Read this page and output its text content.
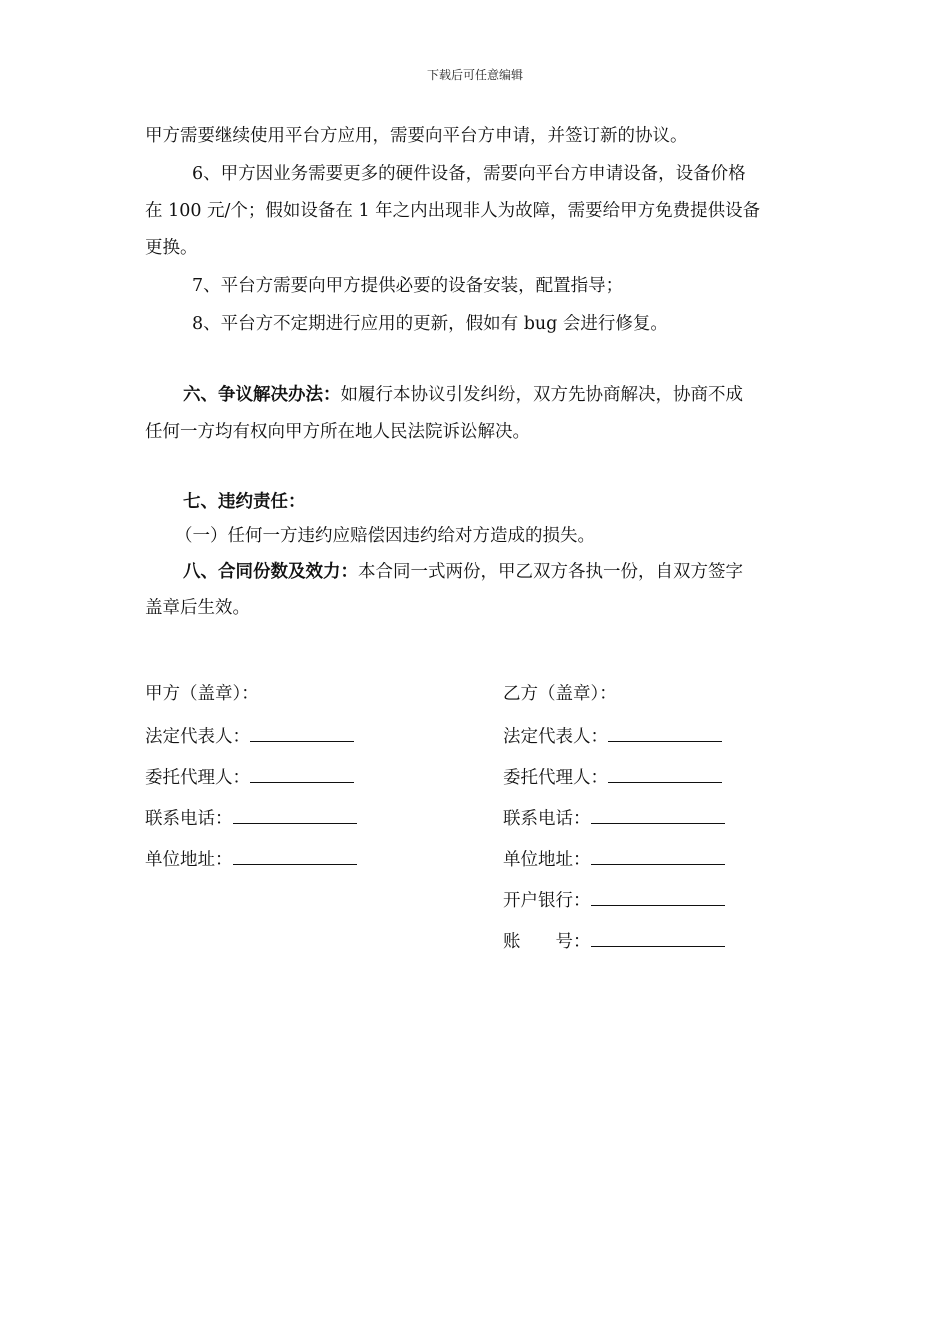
下载后可任意编辑
甲方需要继续使用平台方应用，需要向平台方申请，并签订新的协议。
6、甲方因业务需要更多的硬件设备，需要向平台方申请设备，设备价格
在 100 元/个；假如设备在 1 年之内出现非人为故障，需要给甲方免费提供设备
更换。
7、平台方需要向甲方提供必要的设备安装，配置指导；
8、平台方不定期进行应用的更新，假如有 bug 会进行修复。
六、争议解决办法：如履行本协议引发纠纷，双方先协商解决，协商不成
任何一方均有权向甲方所在地人民法院诉讼解决。
七、违约责任：
（一）任何一方违约应赔偿因违约给对方造成的损失。
八、合同份数及效力：本合同一式两份，甲乙双方各执一份，自双方签字
盖章后生效。
甲方（盖章）：
法定代表人：
委托代理人：
联系电话：
单位地址：
乙方（盖章）：
法定代表人：
委托代理人：
联系电话：
单位地址：
开户银行：
账　　号：
